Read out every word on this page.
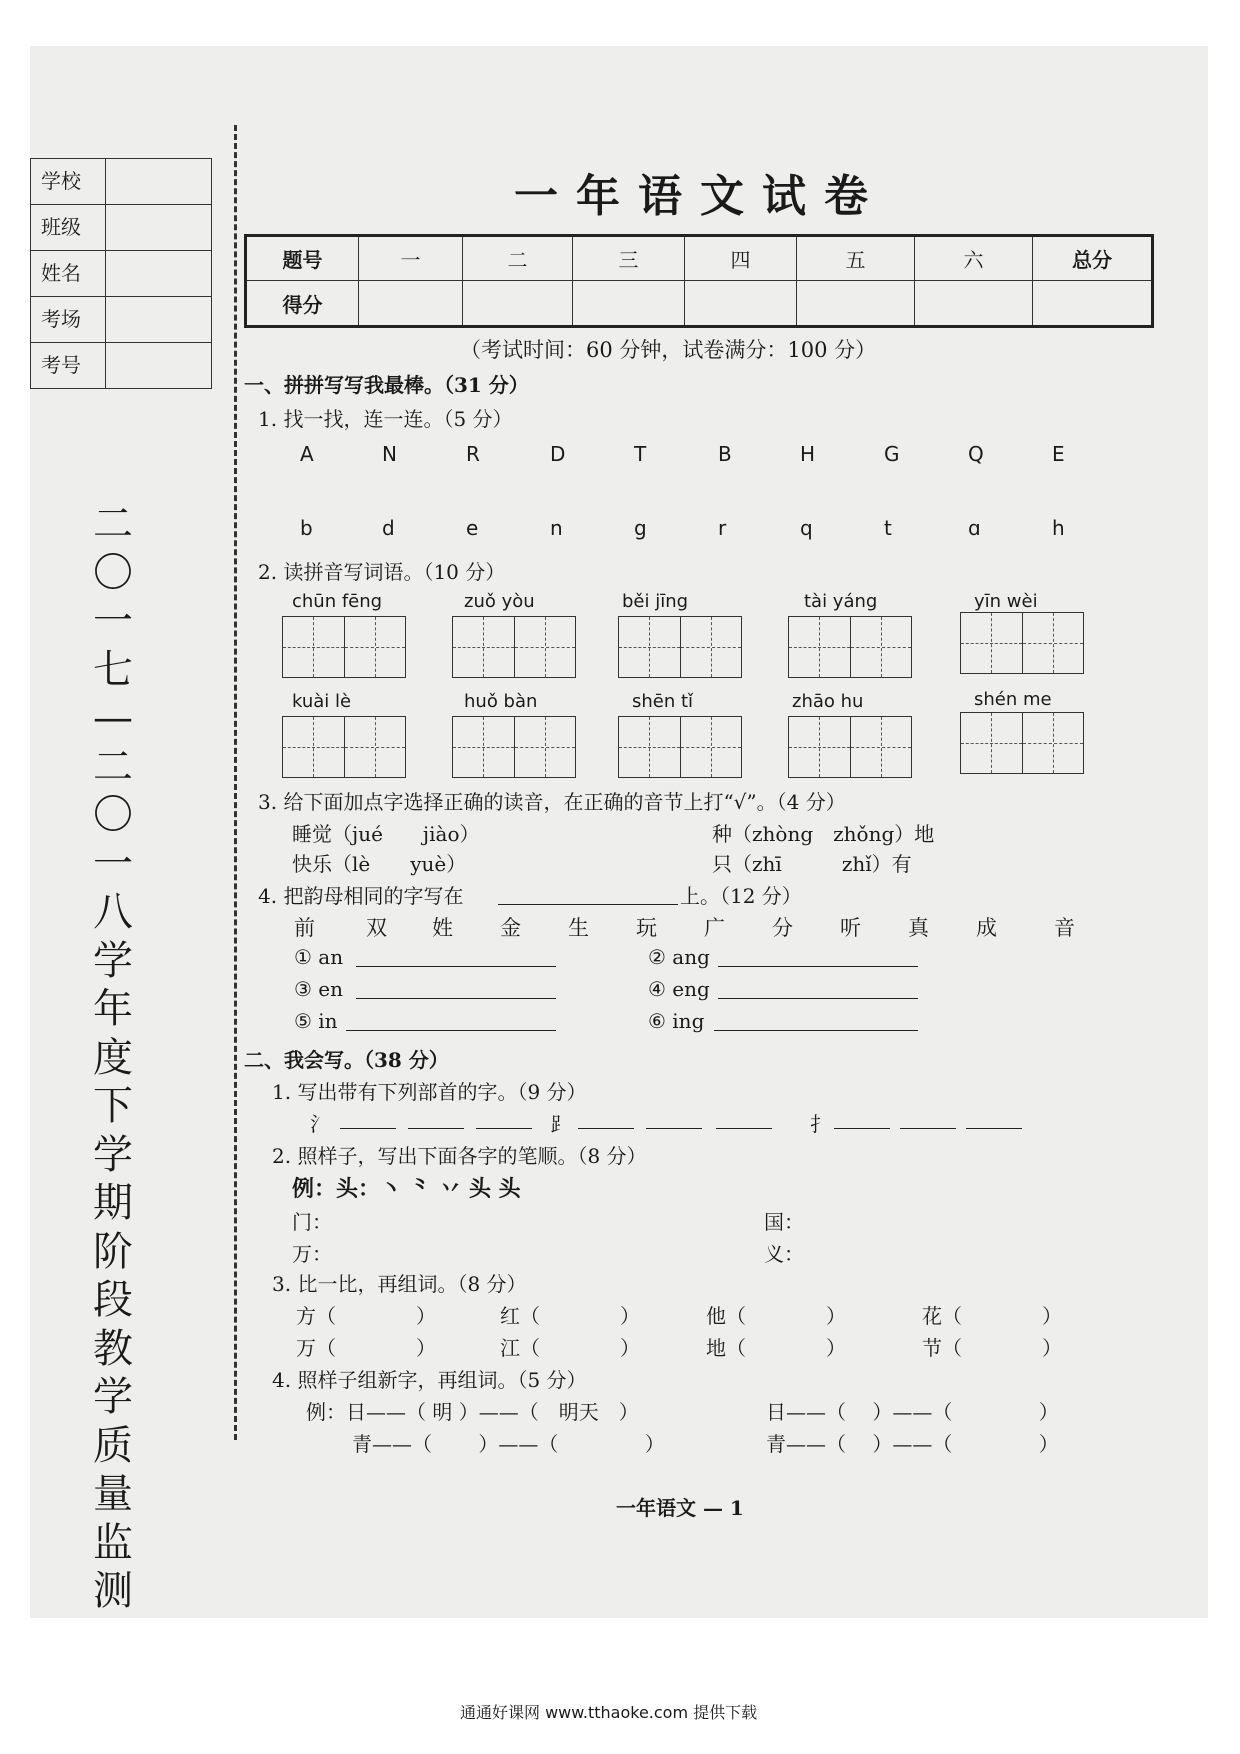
学校
班级
姓名
考场
考号
二〇一七—二〇一八学年度下学期阶段教学质量监测
一年语文试卷
题号	一	二	三	四	五	六	总分
得分
（考试时间：60 分钟，试卷满分：100 分）
一、拼拼写写我最棒。（31 分）
1. 找一找，连一连。（5 分）
A	N	R	D	T	B	H	G	Q	E
b	d	e	n	g	r	q	t	ɑ	h
2. 读拼音写词语。（10 分）
chūn fēng	zuǒ yòu	běi jīng	tài yáng	yīn wèi
kuài lè	huǒ bàn	shēn tǐ	zhāo hu	shén me
3. 给下面加点字选择正确的读音，在正确的音节上打“√”。（4 分）
睡觉（jué　　jiào）	种（zhòng　zhǒng）地
快乐（lè　　yuè）	只（zhī　　　zhǐ）有
4. 把韵母相同的字写在	上。（12 分）
前 双 姓 金 生 玩 广 分 听 真 成	音
① an	② ang
③ en	④ eng
⑤ in	⑥ ing
二、我会写。（38 分）
1. 写出带有下列部首的字。（9 分）
氵	⻊	扌
2. 照样子，写出下面各字的笔顺。（8 分）
例：头：丶 ⺀ 丷 头 头
门：	国：
万：	义：
3. 比一比，再组词。（8 分）
方（　　　　）	红（　　　　）	他（　　　　）	花（　　　　）
万（　　　　）	江（　　　　）	地（　　　　）	节（　　　　）
4. 照样子组新字，再组词。（5 分）
例：日——（ 明 ）——（　明天　）	日——（　 ）——（　　　　 ）
青——（　　 ）——（　　　　 ）	青——（　 ）——（　　　　 ）
一年语文 — 1
通通好课网 www.tthaoke.com 提供下载
